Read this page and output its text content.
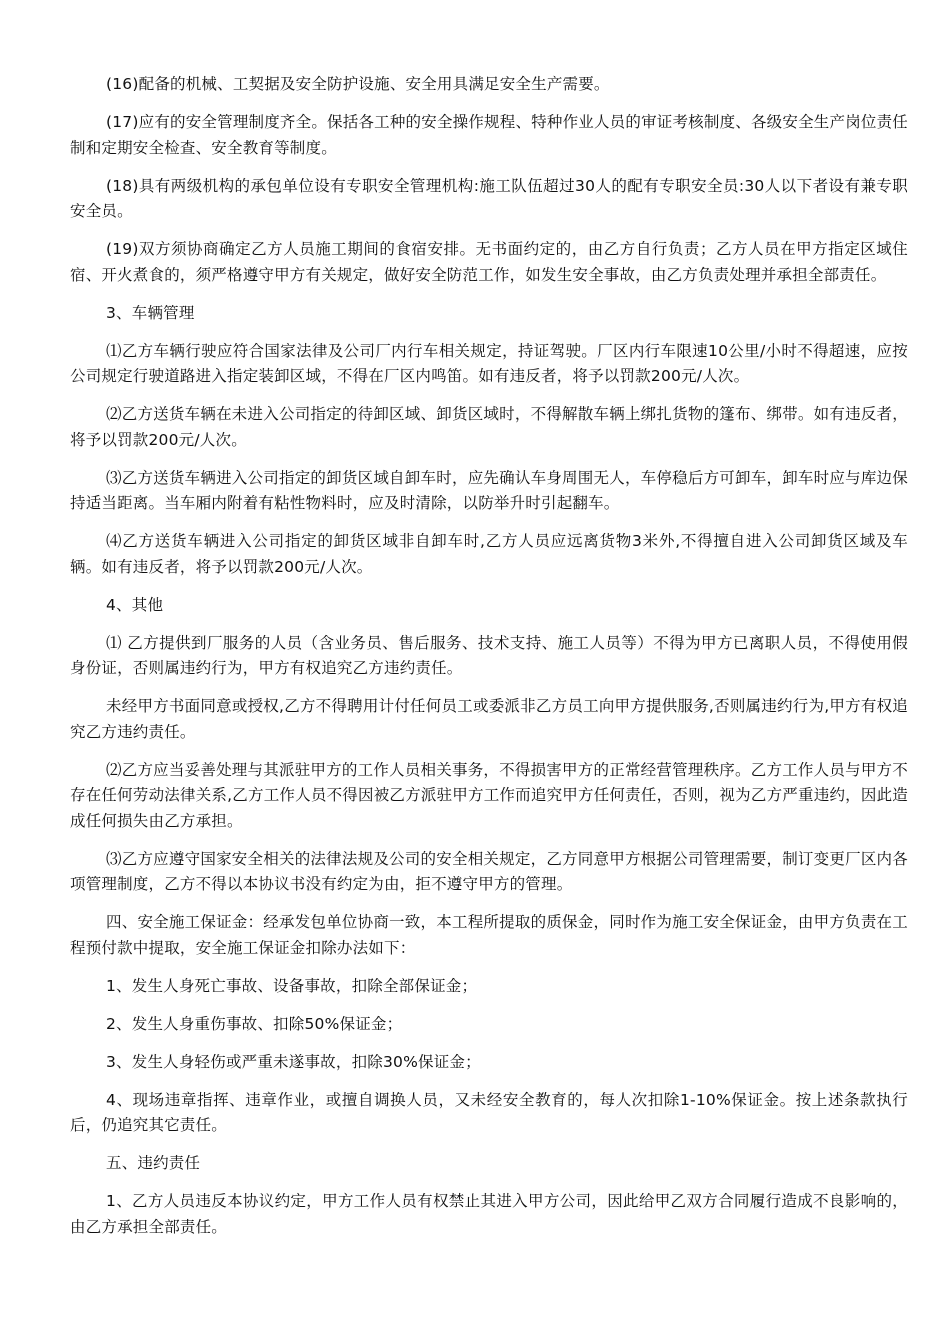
(16)配备的机械、工契据及安全防护设施、安全用具满足安全生产需要。

(17)应有的安全管理制度齐全。保括各工种的安全操作规程、特种作业人员的审证考核制度、各级安全生产岗位责任制和定期安全检查、安全教育等制度。

(18)具有两级机构的承包单位设有专职安全管理机构:施工队伍超过30人的配有专职安全员:30人以下者设有兼专职安全员。

(19)双方须协商确定乙方人员施工期间的食宿安排。无书面约定的，由乙方自行负责；乙方人员在甲方指定区域住宿、开火煮食的，须严格遵守甲方有关规定，做好安全防范工作，如发生安全事故，由乙方负责处理并承担全部责任。

3、车辆管理

⑴乙方车辆行驶应符合国家法律及公司厂内行车相关规定，持证驾驶。厂区内行车限速10公里/小时不得超速，应按公司规定行驶道路进入指定装卸区域，不得在厂区内鸣笛。如有违反者，将予以罚款200元/人次。

⑵乙方送货车辆在未进入公司指定的待卸区域、卸货区域时，不得解散车辆上绑扎货物的篷布、绑带。如有违反者，将予以罚款200元/人次。

⑶乙方送货车辆进入公司指定的卸货区域自卸车时，应先确认车身周围无人，车停稳后方可卸车，卸车时应与库边保持适当距离。当车厢内附着有粘性物料时，应及时清除，以防举升时引起翻车。

⑷乙方送货车辆进入公司指定的卸货区域非自卸车时,乙方人员应远离货物3米外,不得擅自进入公司卸货区域及车辆。如有违反者，将予以罚款200元/人次。

4、其他

⑴ 乙方提供到厂服务的人员（含业务员、售后服务、技术支持、施工人员等）不得为甲方已离职人员，不得使用假身份证，否则属违约行为，甲方有权追究乙方违约责任。

未经甲方书面同意或授权,乙方不得聘用计付任何员工或委派非乙方员工向甲方提供服务,否则属违约行为,甲方有权追究乙方违约责任。

⑵乙方应当妥善处理与其派驻甲方的工作人员相关事务，不得损害甲方的正常经营管理秩序。乙方工作人员与甲方不存在任何劳动法律关系,乙方工作人员不得因被乙方派驻甲方工作而追究甲方任何责任，否则，视为乙方严重违约，因此造成任何损失由乙方承担。

⑶乙方应遵守国家安全相关的法律法规及公司的安全相关规定，乙方同意甲方根据公司管理需要，制订变更厂区内各项管理制度，乙方不得以本协议书没有约定为由，拒不遵守甲方的管理。

四、安全施工保证金：经承发包单位协商一致，本工程所提取的质保金，同时作为施工安全保证金，由甲方负责在工程预付款中提取，安全施工保证金扣除办法如下：

1、发生人身死亡事故、设备事故，扣除全部保证金；

2、发生人身重伤事故、扣除50%保证金；

3、发生人身轻伤或严重未遂事故，扣除30%保证金；

4、现场违章指挥、违章作业，或擅自调换人员，又未经安全教育的，每人次扣除1-10%保证金。按上述条款执行后，仍追究其它责任。

五、违约责任

1、乙方人员违反本协议约定，甲方工作人员有权禁止其进入甲方公司，因此给甲乙双方合同履行造成不良影响的，由乙方承担全部责任。
